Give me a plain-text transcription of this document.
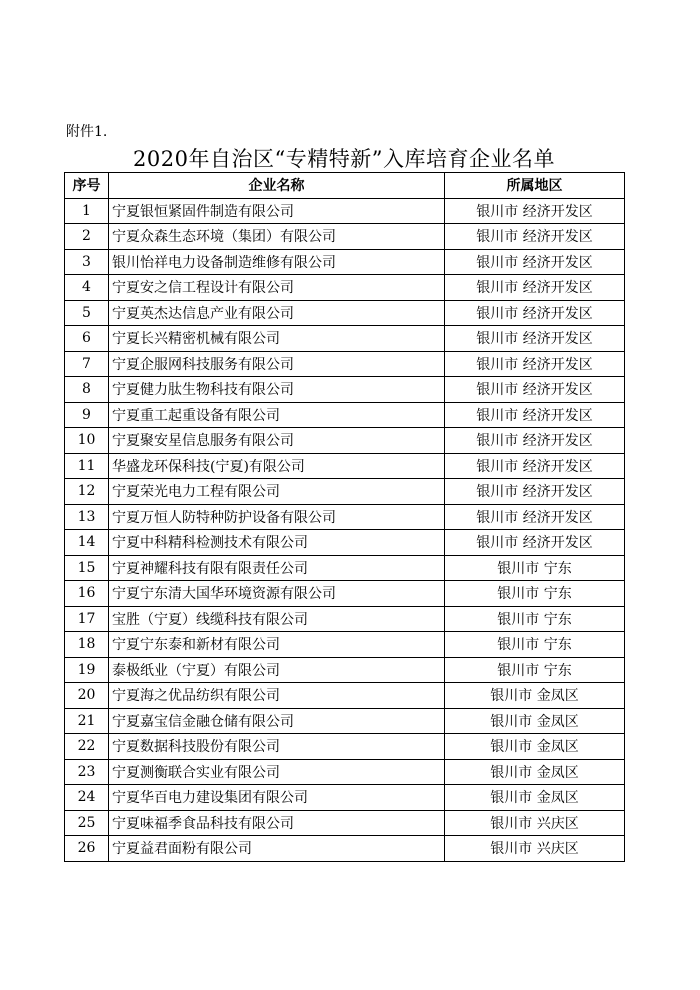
附件1.
2020年自治区“专精特新”入库培育企业名单
序号	企业名称	所属地区
1	宁夏银恒紧固件制造有限公司	银川市 经济开发区
2	宁夏众森生态环境（集团）有限公司	银川市 经济开发区
3	银川怡祥电力设备制造维修有限公司	银川市 经济开发区
4	宁夏安之信工程设计有限公司	银川市 经济开发区
5	宁夏英杰达信息产业有限公司	银川市 经济开发区
6	宁夏长兴精密机械有限公司	银川市 经济开发区
7	宁夏企服网科技服务有限公司	银川市 经济开发区
8	宁夏健力肽生物科技有限公司	银川市 经济开发区
9	宁夏重工起重设备有限公司	银川市 经济开发区
10	宁夏聚安星信息服务有限公司	银川市 经济开发区
11	华盛龙环保科技(宁夏)有限公司	银川市 经济开发区
12	宁夏荣光电力工程有限公司	银川市 经济开发区
13	宁夏万恒人防特种防护设备有限公司	银川市 经济开发区
14	宁夏中科精科检测技术有限公司	银川市 经济开发区
15	宁夏神耀科技有限有限责任公司	银川市 宁东
16	宁夏宁东清大国华环境资源有限公司	银川市 宁东
17	宝胜（宁夏）线缆科技有限公司	银川市 宁东
18	宁夏宁东泰和新材有限公司	银川市 宁东
19	泰极纸业（宁夏）有限公司	银川市 宁东
20	宁夏海之优品纺织有限公司	银川市 金凤区
21	宁夏嘉宝信金融仓储有限公司	银川市 金凤区
22	宁夏数据科技股份有限公司	银川市 金凤区
23	宁夏测衡联合实业有限公司	银川市 金凤区
24	宁夏华百电力建设集团有限公司	银川市 金凤区
25	宁夏味福季食品科技有限公司	银川市 兴庆区
26	宁夏益君面粉有限公司	银川市 兴庆区
